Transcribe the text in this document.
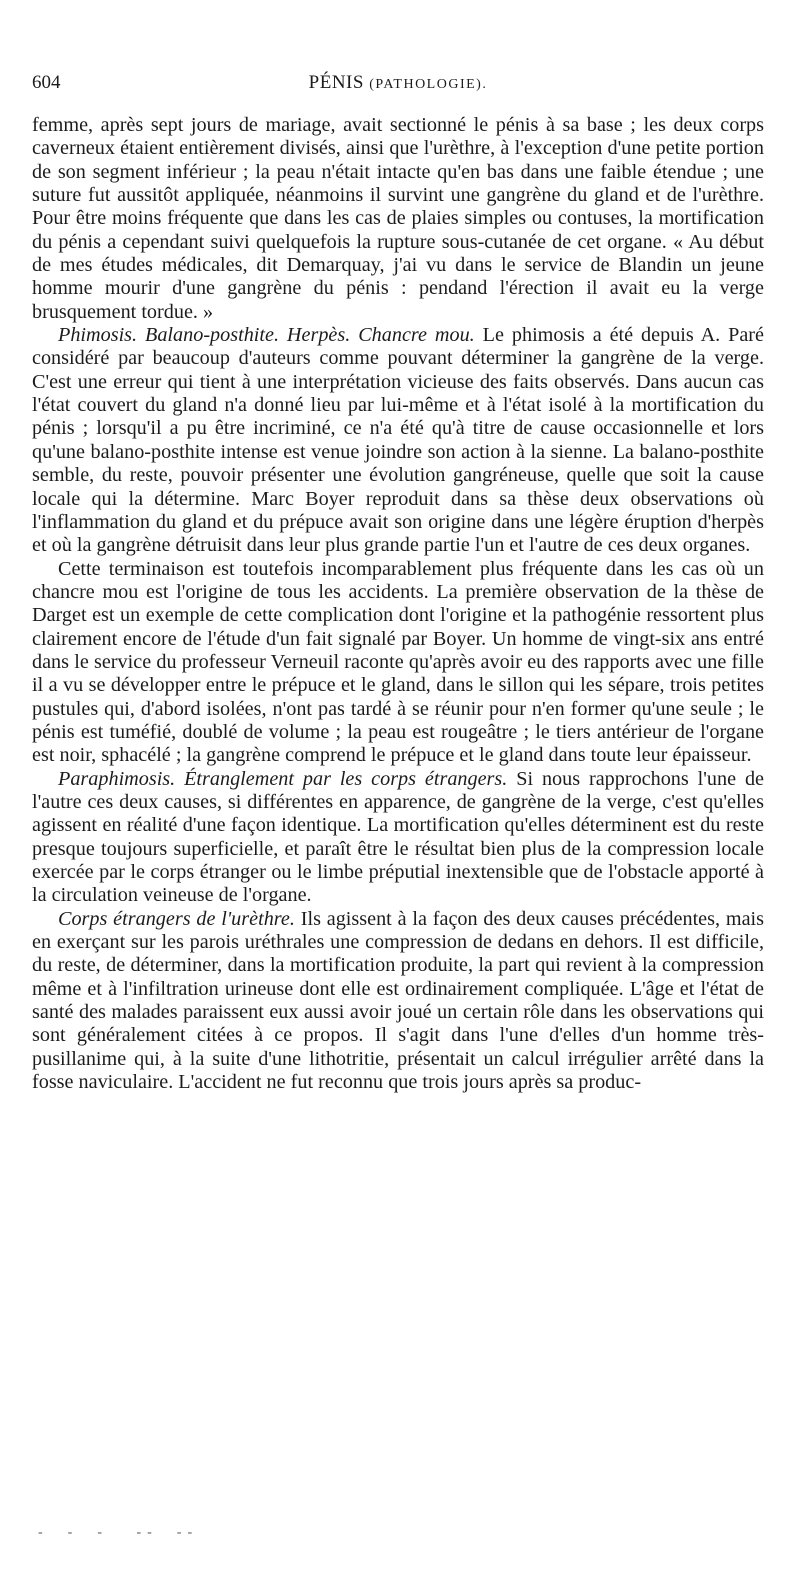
604	PÉNIS (PATHOLOGIE).

femme, après sept jours de mariage, avait sectionné le pénis à sa base ; les deux corps caverneux étaient entièrement divisés, ainsi que l'urèthre, à l'exception d'une petite portion de son segment inférieur ; la peau n'était intacte qu'en bas dans une faible étendue ; une suture fut aussitôt appliquée, néanmoins il survint une gangrène du gland et de l'urèthre. Pour être moins fréquente que dans les cas de plaies simples ou contuses, la mortification du pénis a cependant suivi quelquefois la rupture sous-cutanée de cet organe. « Au début de mes études médicales, dit Demarquay, j'ai vu dans le service de Blandin un jeune homme mourir d'une gangrène du pénis : pendand l'érection il avait eu la verge brusquement tordue. »

Phimosis. Balano-posthite. Herpès. Chancre mou. Le phimosis a été depuis A. Paré considéré par beaucoup d'auteurs comme pouvant déterminer la gangrène de la verge. C'est une erreur qui tient à une interprétation vicieuse des faits observés. Dans aucun cas l'état couvert du gland n'a donné lieu par lui-même et à l'état isolé à la mortification du pénis ; lorsqu'il a pu être incriminé, ce n'a été qu'à titre de cause occasionnelle et lors qu'une balano-posthite intense est venue joindre son action à la sienne. La balano-posthite semble, du reste, pouvoir présenter une évolution gangréneuse, quelle que soit la cause locale qui la détermine. Marc Boyer reproduit dans sa thèse deux observations où l'inflammation du gland et du prépuce avait son origine dans une légère éruption d'herpès et où la gangrène détruisit dans leur plus grande partie l'un et l'autre de ces deux organes.

Cette terminaison est toutefois incomparablement plus fréquente dans les cas où un chancre mou est l'origine de tous les accidents. La première observation de la thèse de Darget est un exemple de cette complication dont l'origine et la pathogénie ressortent plus clairement encore de l'étude d'un fait signalé par Boyer. Un homme de vingt-six ans entré dans le service du professeur Verneuil raconte qu'après avoir eu des rapports avec une fille il a vu se développer entre le prépuce et le gland, dans le sillon qui les sépare, trois petites pustules qui, d'abord isolées, n'ont pas tardé à se réunir pour n'en former qu'une seule ; le pénis est tuméfié, doublé de volume ; la peau est rougeâtre ; le tiers antérieur de l'organe est noir, sphacélé ; la gangrène comprend le prépuce et le gland dans toute leur épaisseur.

Paraphimosis. Étranglement par les corps étrangers. Si nous rapprochons l'une de l'autre ces deux causes, si différentes en apparence, de gangrène de la verge, c'est qu'elles agissent en réalité d'une façon identique. La mortification qu'elles déterminent est du reste presque toujours superficielle, et paraît être le résultat bien plus de la compression locale exercée par le corps étranger ou le limbe préputial inextensible que de l'obstacle apporté à la circulation veineuse de l'organe.

Corps étrangers de l'urèthre. Ils agissent à la façon des deux causes précédentes, mais en exerçant sur les parois uréthrales une compression de dedans en dehors. Il est difficile, du reste, de déterminer, dans la mortification produite, la part qui revient à la compression même et à l'infiltration urineuse dont elle est ordinairement compliquée. L'âge et l'état de santé des malades paraissent eux aussi avoir joué un certain rôle dans les observations qui sont généralement citées à ce propos. Il s'agit dans l'une d'elles d'un homme très-pusillanime qui, à la suite d'une lithotritie, présentait un calcul irrégulier arrêté dans la fosse naviculaire. L'accident ne fut reconnu que trois jours après sa produc-

-  -  -   --  --
